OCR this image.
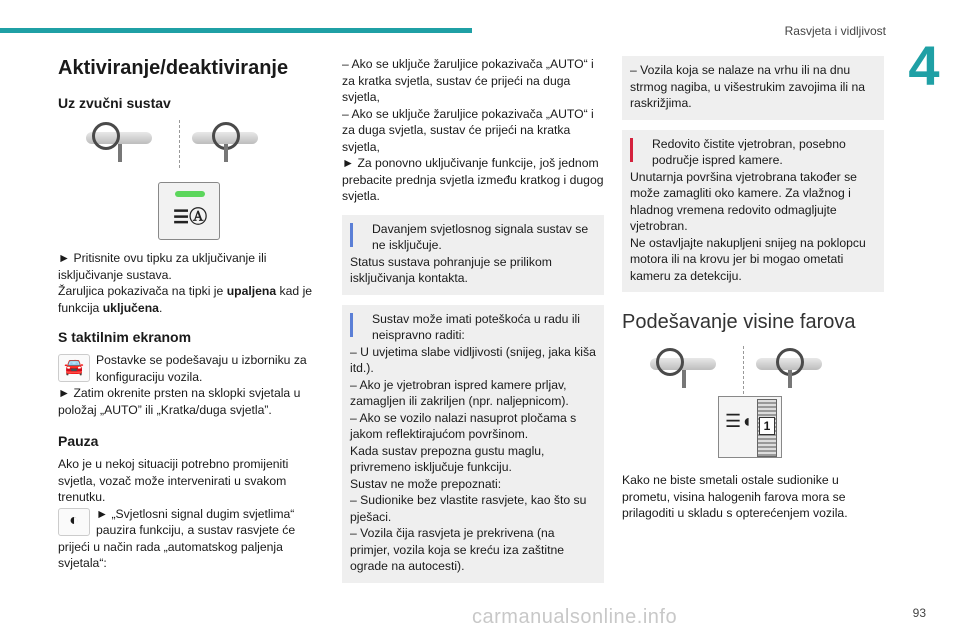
Rasvjeta i vidljivost
4
Aktiviranje/deaktiviranje
Uz zvučni sustav
☰Ⓐ

► Pritisnite ovu tipku za uključivanje ili isključivanje sustava.

Žaruljica pokazivača na tipki je upaljena kad je funkcija uključena.

S taktilnim ekranom
🚘 Postavke se podešavaju u izborniku za konfiguraciju vozila.

► Zatim okrenite prsten na sklopki svjetala u položaj „AUTO” ili „Kratka/duga svjetla”.

Pauza

Ako je u nekoj situaciji potrebno promijeniti svjetla, vozač može intervenirati u svakom trenutku.

◐	► „Svjetlosni signal dugim svjetlima“ pauzira funkciju, a sustav rasvjete će prijeći u način rada „automatskog paljenja svjetala“:

– Ako se uključe žaruljice pokazivača „AUTO“ i za kratka svjetla, sustav će prijeći na duga svjetla,

– Ako se uključe žaruljice pokazivača „AUTO“ i za duga svjetla, sustav će prijeći na kratka svjetla,

► Za ponovno uključivanje funkcije, još jednom prebacite prednja svjetla između kratkog i dugog svjetla.

Davanjem svjetlosnog signala sustav se ne isključuje.

Status sustava pohranjuje se prilikom isključivanja kontakta.

Sustav može imati poteškoća u radu ili neispravno raditi:

– U uvjetima slabe vidljivosti (snijeg, jaka kiša itd.).

– Ako je vjetrobran ispred kamere prljav, zamagljen ili zakriljen (npr. naljepnicom).

– Ako se vozilo nalazi nasuprot pločama s jakom reflektirajućom površinom.

Kada sustav prepozna gustu maglu, privremeno isključuje funkciju.

Sustav ne može prepoznati:

– Sudionike bez vlastite rasvjete, kao što su pješaci.

– Vozila čija rasvjeta je prekrivena (na primjer, vozila koja se kreću iza zaštitne ograde na autocesti).

– Vozila koja se nalaze na vrhu ili na dnu strmog nagiba, u višestrukim zavojima ili na raskrižjima.

Redovito čistite vjetrobran, posebno područje ispred kamere.

Unutarnja površina vjetrobrana također se može zamagliti oko kamere. Za vlažnog i hladnog vremena redovito odmagljujte vjetrobran.

Ne ostavljajte nakupljeni snijeg na poklopcu motora ili na krovu jer bi mogao ometati kameru za detekciju.

Podešavanje visine farova
☰◖ 1

Kako ne biste smetali ostale sudionike u prometu, visina halogenih farova mora se prilagoditi u skladu s opterećenjem vozila.

carmanualsonline.info	93
